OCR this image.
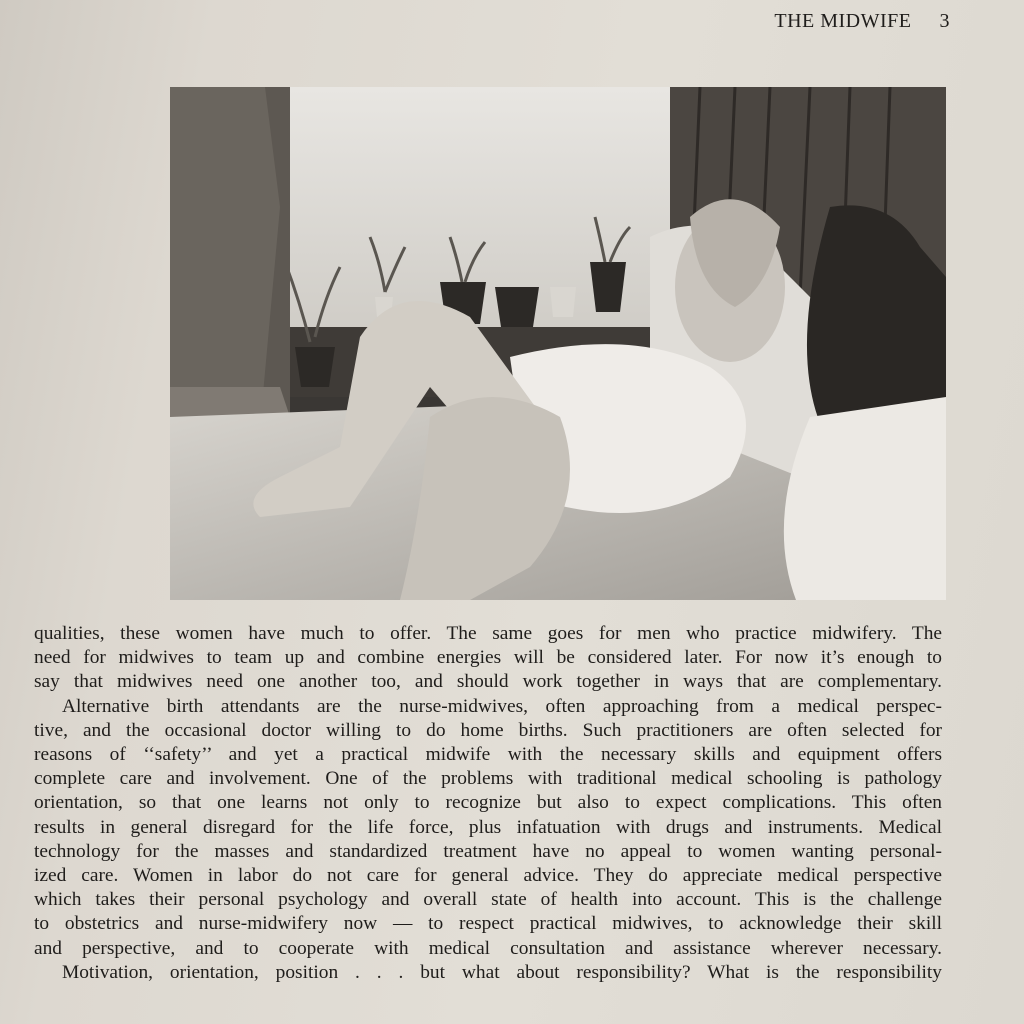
THE MIDWIFE 3

qualities, these women have much to offer. The same goes for men who practice midwifery. The
need for midwives to team up and combine energies will be considered later. For now it’s enough to
say that midwives need one another too, and should work together in ways that are complementary.

Alternative birth attendants are the nurse-midwives, often approaching from a medical perspec-
tive, and the occasional doctor willing to do home births. Such practitioners are often selected for
reasons of ‘‘safety’’ and yet a practical midwife with the necessary skills and equipment offers
complete care and involvement. One of the problems with traditional medical schooling is pathology
orientation, so that one learns not only to recognize but also to expect complications. This often
results in general disregard for the life force, plus infatuation with drugs and instruments. Medical
technology for the masses and standardized treatment have no appeal to women wanting personal-
ized care. Women in labor do not care for general advice. They do appreciate medical perspective
which takes their personal psychology and overall state of health into account. This is the challenge
to obstetrics and nurse-midwifery now — to respect practical midwives, to acknowledge their skill
and perspective, and to cooperate with medical consultation and assistance wherever necessary.

Motivation, orientation, position . . . but what about responsibility? What is the responsibility
